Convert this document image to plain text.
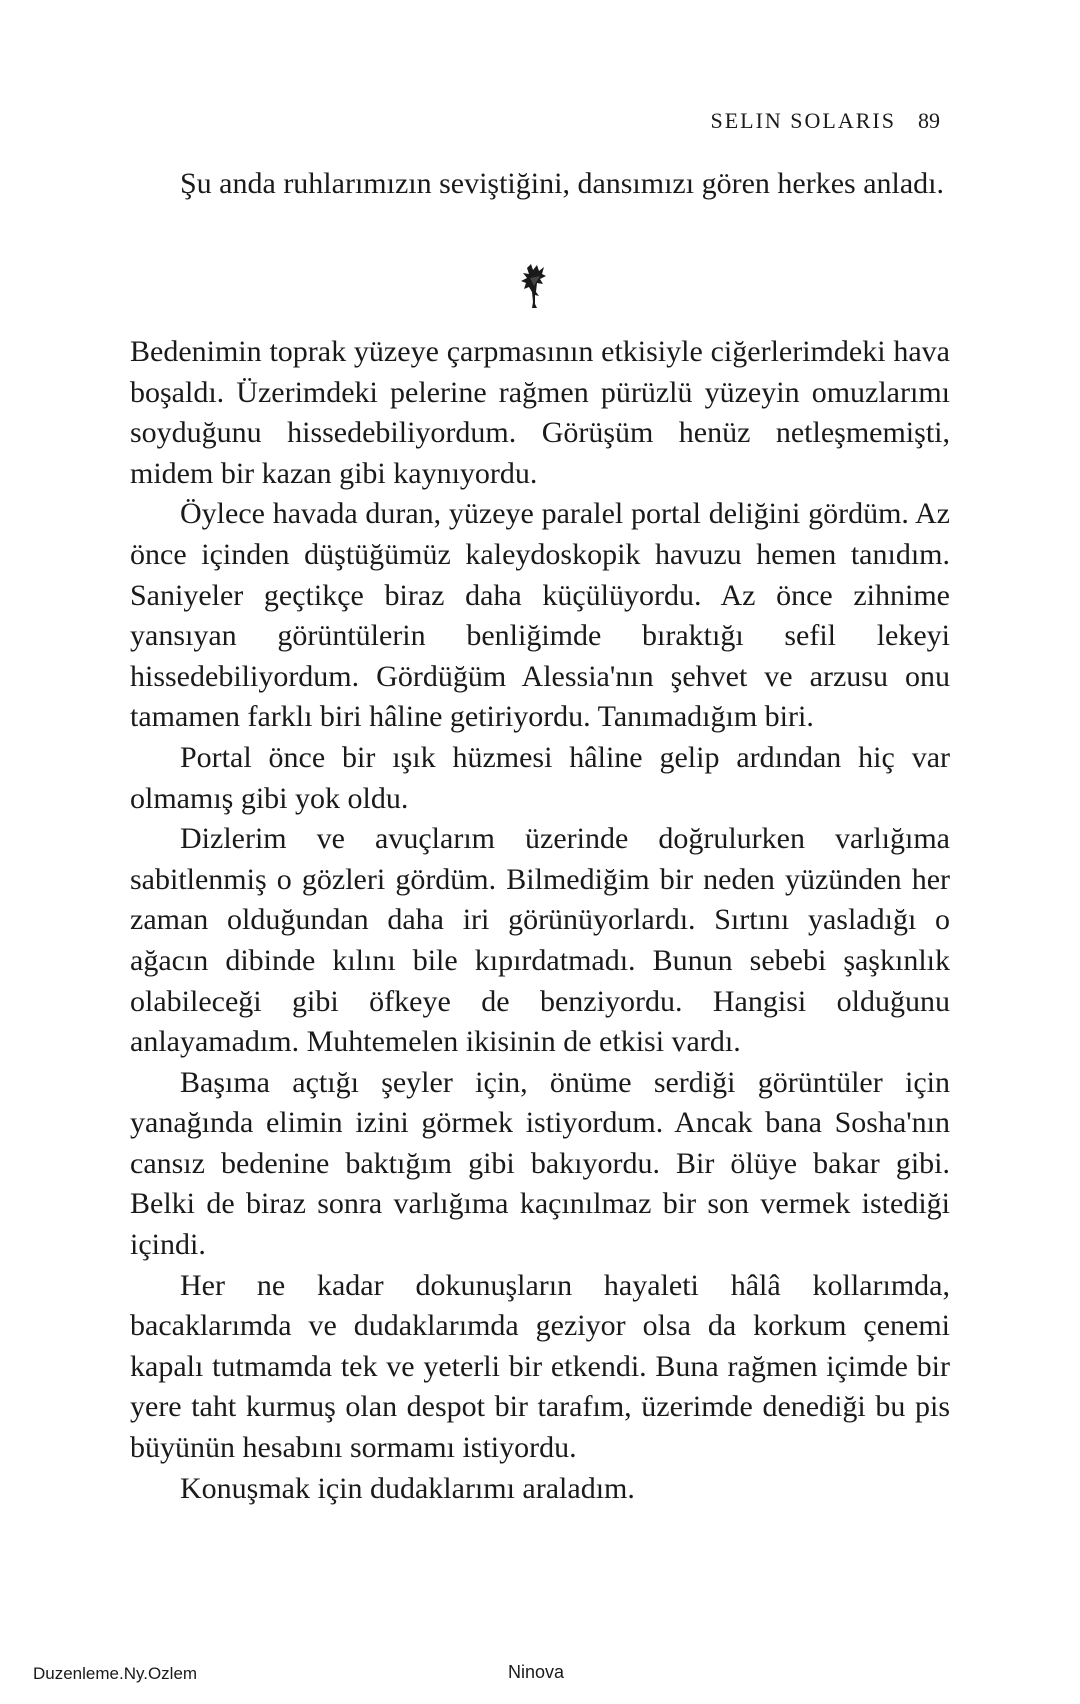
SELIN SOLARIS 89

Şu anda ruhlarımızın seviştiğini, dansımızı gören herkes anladı.

Bedenimin toprak yüzeye çarpmasının etkisiyle ciğerlerimdeki hava boşaldı. Üzerimdeki pelerine rağmen pürüzlü yüzeyin omuzlarımı soyduğunu hissedebiliyordum. Görüşüm henüz netleşmemişti, midem bir kazan gibi kaynıyordu.

Öylece havada duran, yüzeye paralel portal deliğini gördüm. Az önce içinden düştüğümüz kaleydoskopik havuzu hemen tanıdım. Saniyeler geçtikçe biraz daha küçülüyordu. Az önce zihnime yansıyan görüntülerin benliğimde bıraktığı sefil lekeyi hissedebiliyordum. Gördüğüm Alessia'nın şehvet ve arzusu onu tamamen farklı biri hâline getiriyordu. Tanımadığım biri.

Portal önce bir ışık hüzmesi hâline gelip ardından hiç var olmamış gibi yok oldu.

Dizlerim ve avuçlarım üzerinde doğrulurken varlığıma sabitlenmiş o gözleri gördüm. Bilmediğim bir neden yüzünden her zaman olduğundan daha iri görünüyorlardı. Sırtını yasladığı o ağacın dibinde kılını bile kıpırdatmadı. Bunun sebebi şaşkınlık olabileceği gibi öfkeye de benziyordu. Hangisi olduğunu anlayamadım. Muhtemelen ikisinin de etkisi vardı.

Başıma açtığı şeyler için, önüme serdiği görüntüler için yanağında elimin izini görmek istiyordum. Ancak bana Sosha'nın cansız bedenine baktığım gibi bakıyordu. Bir ölüye bakar gibi. Belki de biraz sonra varlığıma kaçınılmaz bir son vermek istediği içindi.

Her ne kadar dokunuşların hayaleti hâlâ kollarımda, bacaklarımda ve dudaklarımda geziyor olsa da korkum çenemi kapalı tutmamda tek ve yeterli bir etkendi. Buna rağmen içimde bir yere taht kurmuş olan despot bir tarafım, üzerimde denediği bu pis büyünün hesabını sormamı istiyordu.

Konuşmak için dudaklarımı araladım.

Duzenleme.Ny.Ozlem	Ninova
